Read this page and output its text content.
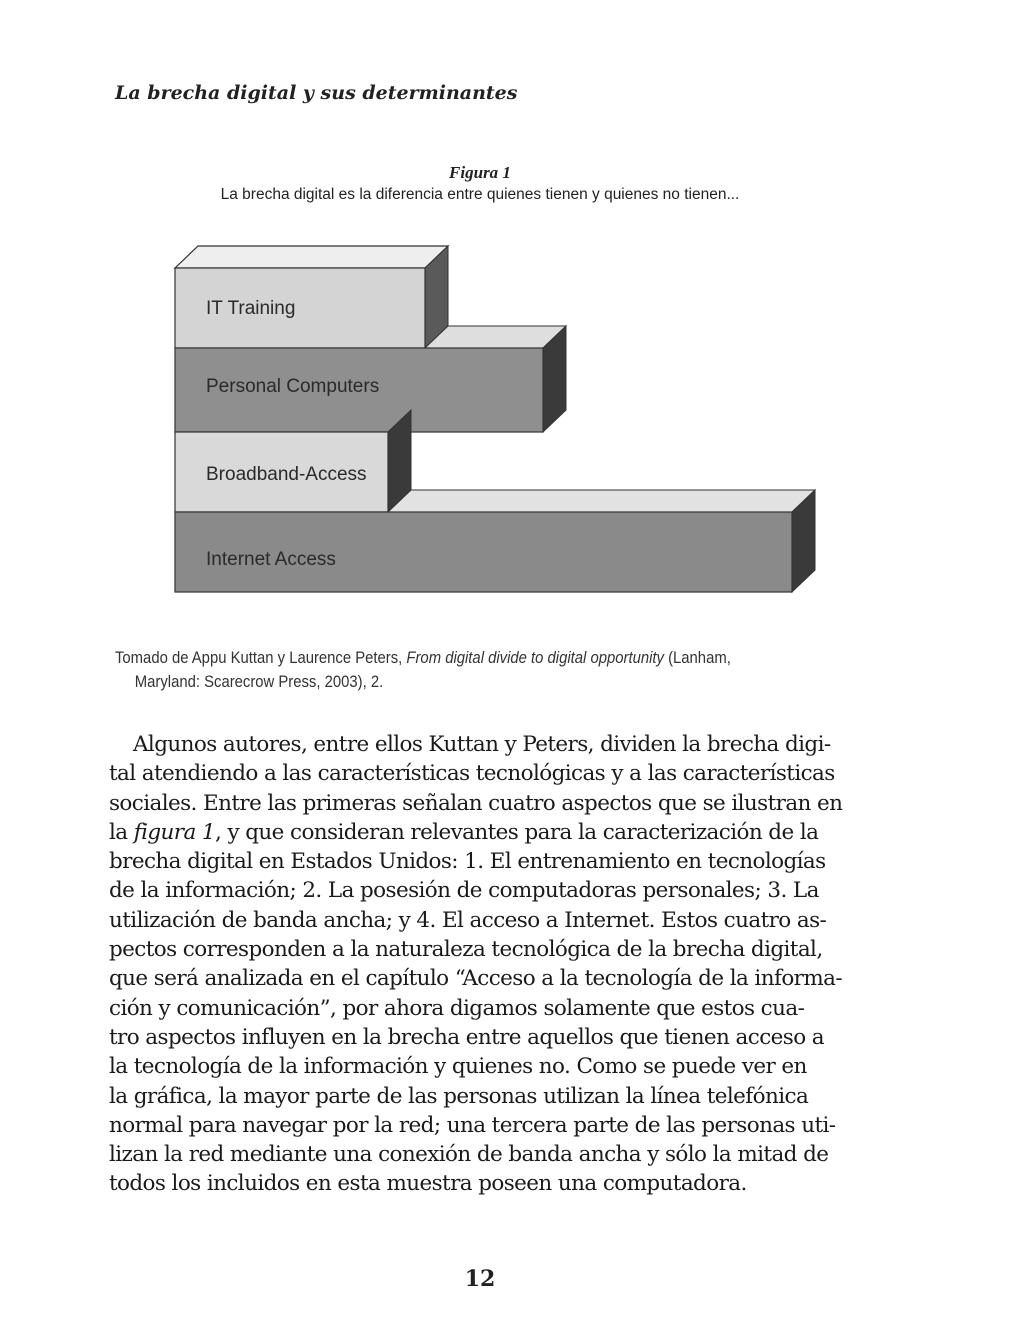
La brecha digital y sus determinantes
Figura 1
La brecha digital es la diferencia entre quienes tienen y quienes no tienen...
IT Training
Personal Computers
Broadband-Access
Internet Access
Tomado de Appu Kuttan y Laurence Peters, From digital divide to digital opportunity (Lanham,
Maryland: Scarecrow Press, 2003), 2.
Algunos autores, entre ellos Kuttan y Peters, dividen la brecha digi-
tal atendiendo a las características tecnológicas y a las características
sociales. Entre las primeras señalan cuatro aspectos que se ilustran en
la figura 1, y que consideran relevantes para la caracterización de la
brecha digital en Estados Unidos: 1. El entrenamiento en tecnologías
de la información; 2. La posesión de computadoras personales; 3. La
utilización de banda ancha; y 4. El acceso a Internet. Estos cuatro as-
pectos corresponden a la naturaleza tecnológica de la brecha digital,
que será analizada en el capítulo “Acceso a la tecnología de la informa-
ción y comunicación”, por ahora digamos solamente que estos cua-
tro aspectos influyen en la brecha entre aquellos que tienen acceso a
la tecnología de la información y quienes no. Como se puede ver en
la gráfica, la mayor parte de las personas utilizan la línea telefónica
normal para navegar por la red; una tercera parte de las personas uti-
lizan la red mediante una conexión de banda ancha y sólo la mitad de
todos los incluidos en esta muestra poseen una computadora.
12
